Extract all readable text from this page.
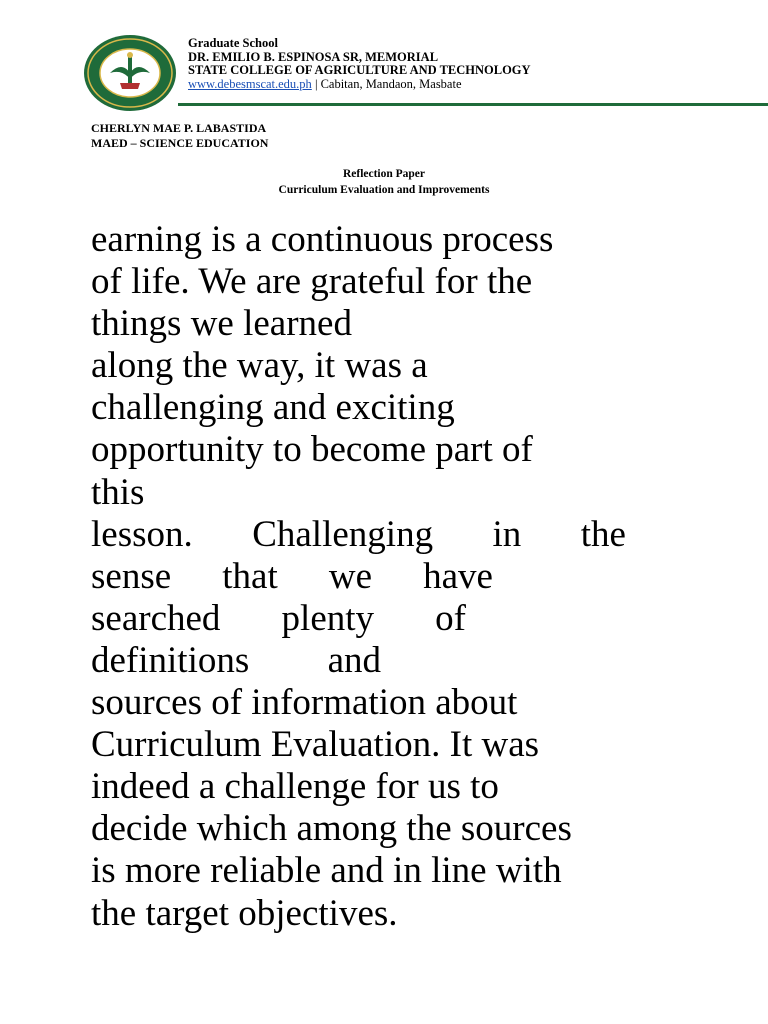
Graduate School
DR. EMILIO B. ESPINOSA SR, MEMORIAL
STATE COLLEGE OF AGRICULTURE AND TECHNOLOGY
www.debesmscat.edu.ph | Cabitan, Mandaon, Masbate
CHERLYN MAE P. LABASTIDA
MAED – SCIENCE EDUCATION
Reflection Paper
Curriculum Evaluation and Improvements
earning is a continuous process
of life. We are grateful for the
things we learned
along the way, it was a
challenging and exciting
opportunity to become part of
this
lesson. Challenging in the
sense that we have
searched plenty of
definitions and
sources of information about
Curriculum Evaluation. It was
indeed a challenge for us to
decide which among the sources
is more reliable and in line with
the target objectives.
